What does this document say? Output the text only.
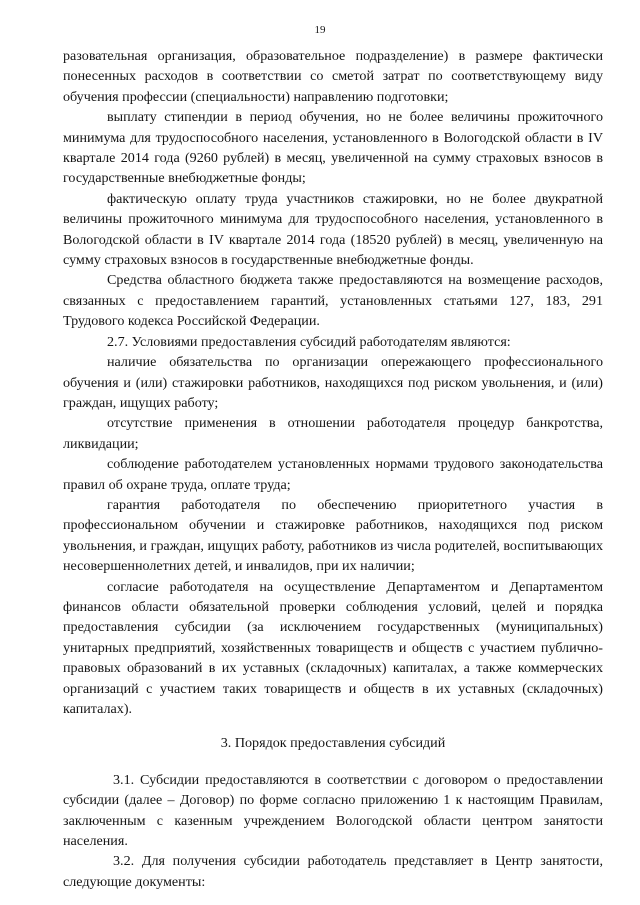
19

разовательная организация, образовательное подразделение) в размере фактически понесенных расходов в соответствии со сметой затрат по соответствующему виду обучения профессии (специальности) направлению подготовки;

выплату стипендии в период обучения, но не более величины прожиточного минимума для трудоспособного населения, установленного в Вологодской области в IV квартале 2014 года (9260 рублей) в месяц, увеличенной на сумму страховых взносов в государственные внебюджетные фонды;

фактическую оплату труда участников стажировки, но не более двукратной величины прожиточного минимума для трудоспособного населения, установленного в Вологодской области в IV квартале 2014 года (18520 рублей) в месяц, увеличенную на сумму страховых взносов в государственные внебюджетные фонды.

Средства областного бюджета также предоставляются на возмещение расходов, связанных с предоставлением гарантий, установленных статьями 127, 183, 291 Трудового кодекса Российской Федерации.

2.7. Условиями предоставления субсидий работодателям являются:

наличие обязательства по организации опережающего профессионального обучения и (или) стажировки работников, находящихся под риском увольнения, и (или) граждан, ищущих работу;

отсутствие применения в отношении работодателя процедур банкротства, ликвидации;

соблюдение работодателем установленных нормами трудового законодательства правил об охране труда, оплате труда;

гарантия работодателя по обеспечению приоритетного участия в профессиональном обучении и стажировке работников, находящихся под риском увольнения, и граждан, ищущих работу, работников из числа родителей, воспитывающих несовершеннолетних детей, и инвалидов, при их наличии;

согласие работодателя на осуществление Департаментом и Департаментом финансов области обязательной проверки соблюдения условий, целей и порядка предоставления субсидии (за исключением государственных (муниципальных) унитарных предприятий, хозяйственных товариществ и обществ с участием публично-правовых образований в их уставных (складочных) капиталах, а также коммерческих организаций с участием таких товариществ и обществ в их уставных (складочных) капиталах).

3. Порядок предоставления субсидий

3.1. Субсидии предоставляются в соответствии с договором о предоставлении субсидии (далее – Договор) по форме согласно приложению 1 к настоящим Правилам, заключенным с казенным учреждением Вологодской области центром занятости населения.

3.2. Для получения субсидии работодатель представляет в Центр занятости, следующие документы:
